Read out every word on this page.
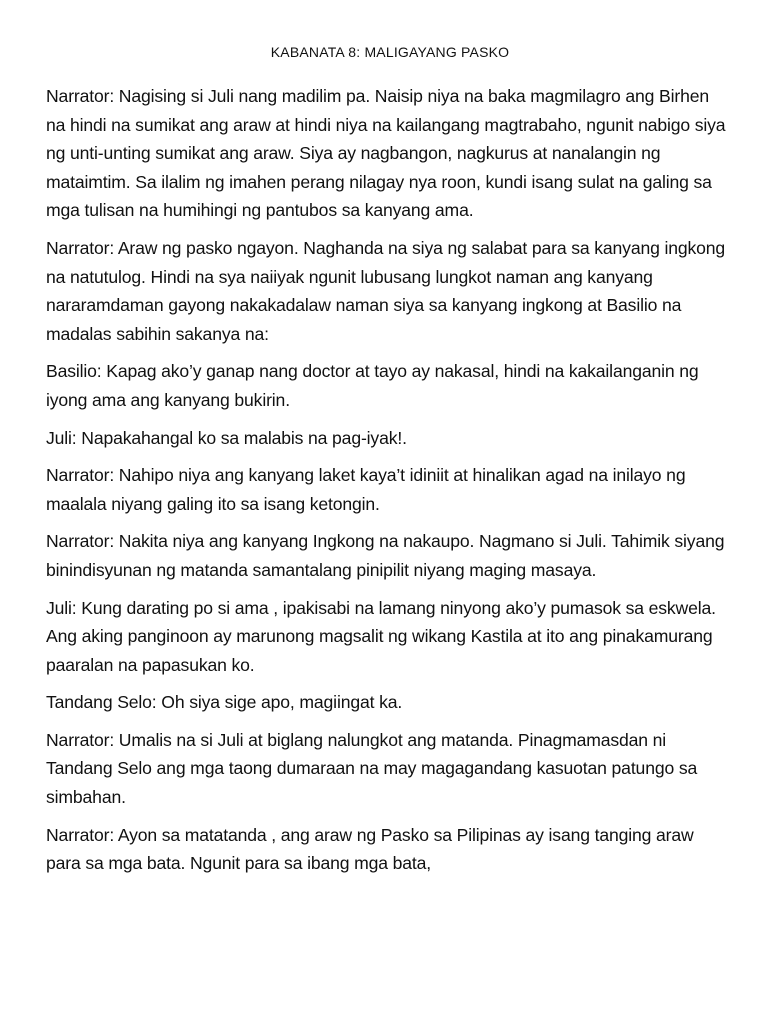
KABANATA 8: MALIGAYANG PASKO

Narrator: Nagising si Juli nang madilim pa. Naisip niya na baka magmilagro ang Birhen na hindi na sumikat ang araw at hindi niya na kailangang magtrabaho, ngunit nabigo siya ng unti-unting sumikat ang araw. Siya ay nagbangon, nagkurus at nanalangin ng mataimtim. Sa ilalim ng imahen perang nilagay nya roon, kundi isang sulat na galing sa mga tulisan na humihingi ng pantubos sa kanyang ama.

Narrator: Araw ng pasko ngayon. Naghanda na siya ng salabat para sa kanyang ingkong na natutulog. Hindi na sya naiiyak ngunit lubusang lungkot naman ang kanyang nararamdaman gayong nakakadalaw naman siya sa kanyang ingkong at Basilio na madalas sabihin sakanya na:

Basilio: Kapag ako’y ganap nang doctor at tayo ay nakasal, hindi na kakailanganin ng iyong ama ang kanyang bukirin.

Juli: Napakahangal ko sa malabis na pag-iyak!.

Narrator: Nahipo niya ang kanyang laket kaya’t idiniit at hinalikan agad na inilayo ng maalala niyang galing ito sa isang ketongin.

Narrator: Nakita niya ang kanyang Ingkong na nakaupo. Nagmano si Juli. Tahimik siyang binindisyunan ng matanda samantalang pinipilit niyang maging masaya.

Juli: Kung darating po si ama , ipakisabi na lamang ninyong ako’y pumasok sa eskwela. Ang aking panginoon ay marunong magsalit ng wikang Kastila at ito ang pinakamurang paaralan na papasukan ko.

Tandang Selo: Oh siya sige apo, magiingat ka.

Narrator: Umalis na si Juli at biglang nalungkot ang matanda. Pinagmamasdan ni Tandang Selo ang mga taong dumaraan na may magagandang kasuotan patungo sa simbahan.

Narrator: Ayon sa matatanda , ang araw ng Pasko sa Pilipinas ay isang tanging araw para sa mga bata. Ngunit para sa ibang mga bata,
